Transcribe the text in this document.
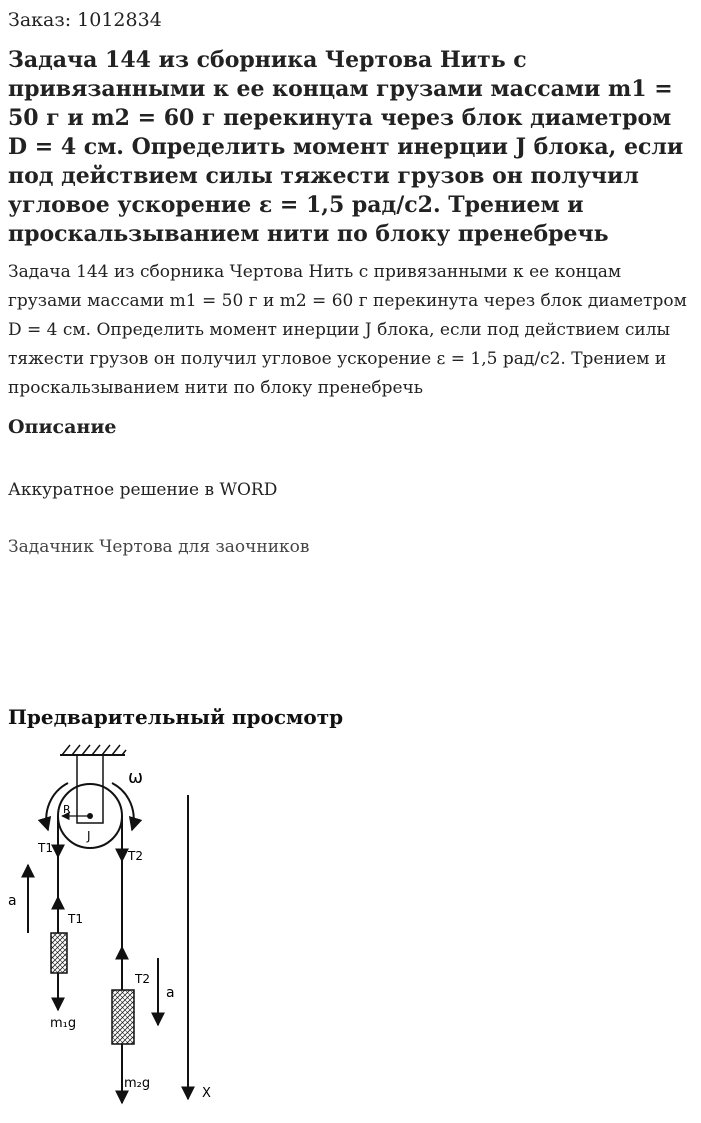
Заказ: 1012834
Задача 144 из сборника Чертова Нить с привязанными к ее концам грузами массами m1 = 50 г и m2 = 60 г перекинута через блок диаметром D = 4 см. Определить момент инерции J блока, если под действием силы тяжести грузов он получил угловое ускорение ε = 1,5 рад/с2. Трением и проскальзыванием нити по блоку пренебречь

Задача 144 из сборника Чертова Нить с привязанными к ее концам грузами массами m1 = 50 г и m2 = 60 г перекинута через блок диаметром D = 4 см. Определить момент инерции J блока, если под действием силы тяжести грузов он получил угловое ускорение ε = 1,5 рад/с2. Трением и проскальзыванием нити по блоку пренебречь

Описание

Аккуратное решение в WORD

Задачник Чертова для заочников

Предварительный просмотр
ω
R
J
T1
T1
m₁g
a
T2
T2
m₂g
a
X
